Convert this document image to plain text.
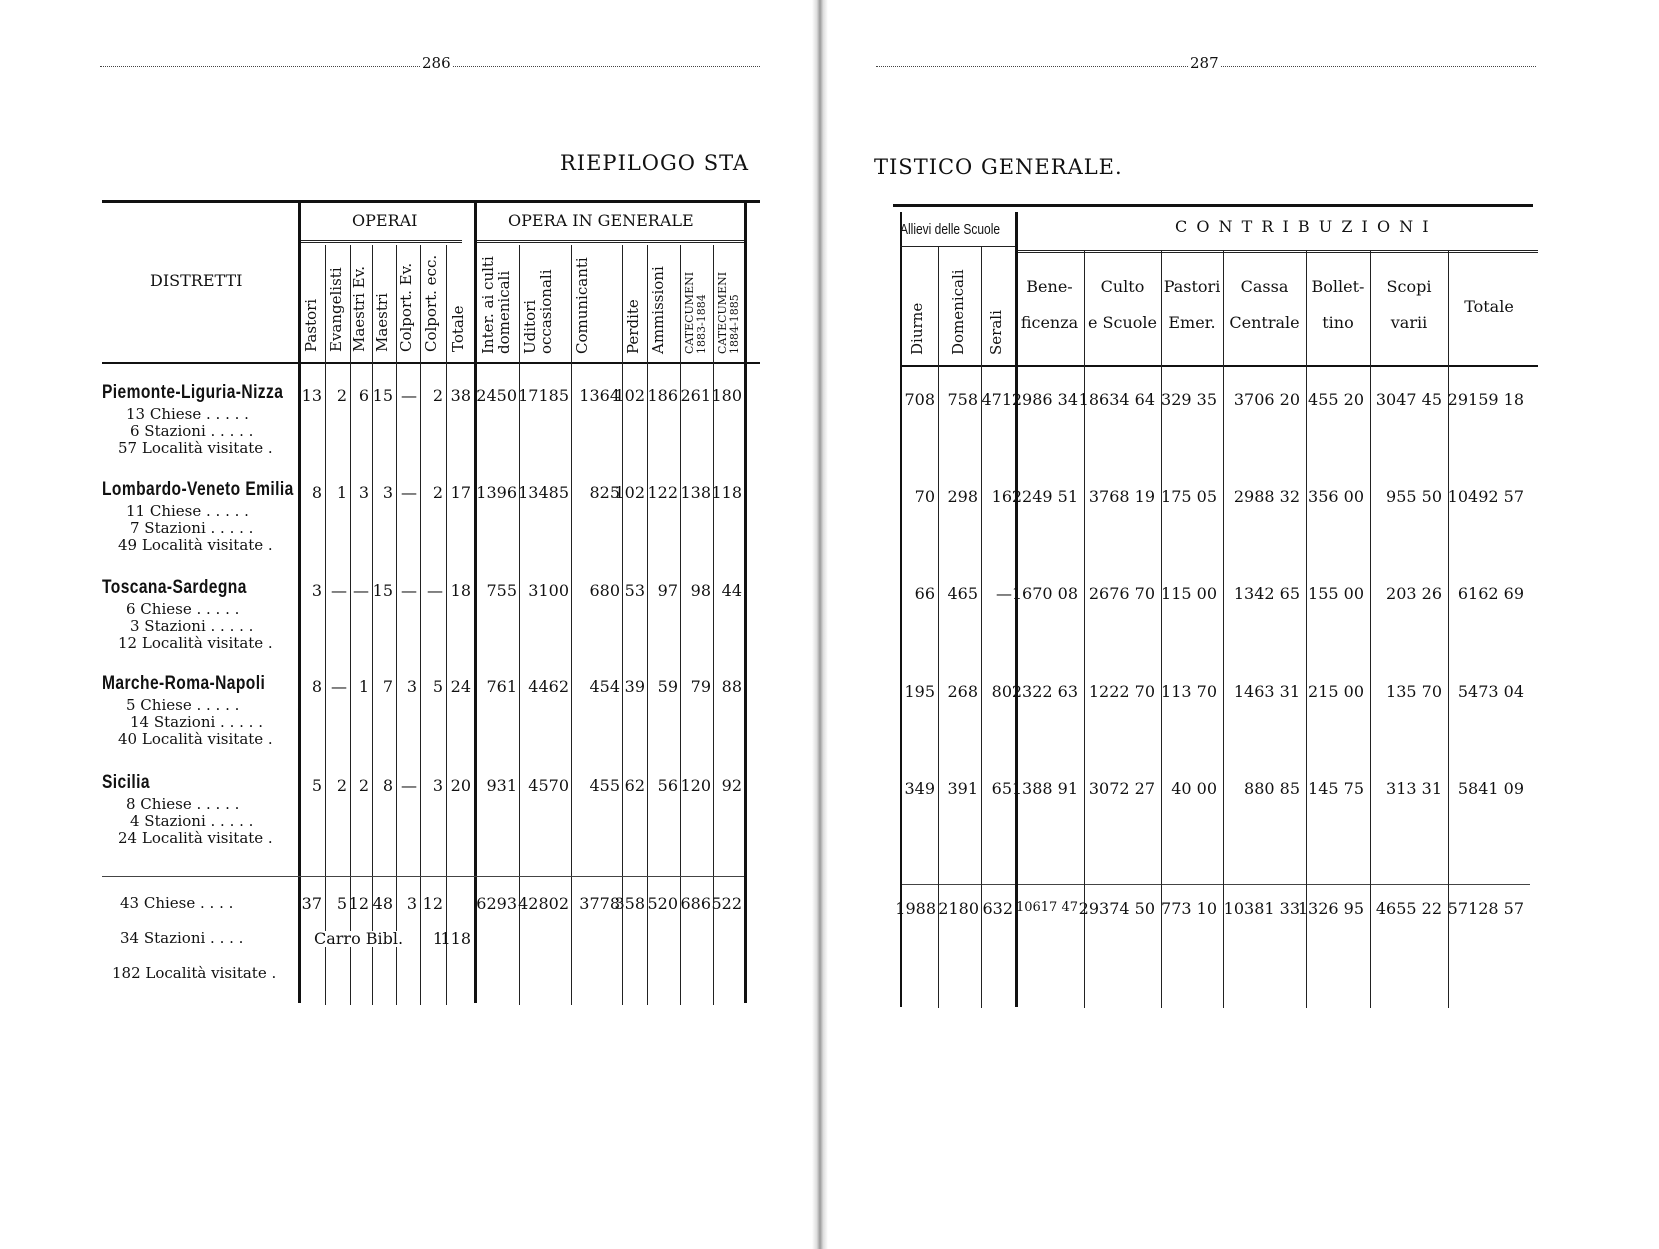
286
RIEPILOGO STA
287
TISTICO GENERALE.
DISTRETTI
OPERAI	OPERA IN GENERALE
Pastori Evangelisti Maestri Ev. Maestri Colport. Ev. Colport. ecc. Totale Inter. ai culti domenicali Uditori occasionali Comunicanti Perdite Ammissioni CATECUMENI 1883-1884 CATECUMENI 1884-1885
Piemonte-Liguria-Nizza
13 Chiese . . . . .
6 Stazioni . . . . .
57 Località visitate .
13 2 6 15 — 2 38 2450 17185 1364
102 186 261 180
Lombardo-Veneto Emilia
11 Chiese . . . . .
7 Stazioni . . . . .
49 Località visitate .
8 1 3 3 — 2 17 1396 13485 825
102 122 138 118
Toscana-Sardegna
6 Chiese . . . . .
3 Stazioni . . . . .
12 Località visitate .
3 — — 15 — — 18 755 3100 680 53 97 98 44
Marche-Roma-Napoli
5 Chiese . . . . .
14 Stazioni . . . . .
40 Località visitate .
8 — 1 7 3 5 24 761 4462 454 39 59 79 88
Sicilia
8 Chiese . . . . .
4 Stazioni . . . . .
24 Località visitate .
5 2 2 8 — 3 20 931 4570 455 62 56 120 92
43 Chiese . . . .
34 Stazioni . . . .
182 Località visitate .
37 5 12 48 3 12
Carro Bibl. 1
118
6293 42802 3778
358 520 686 522
Allievi delle Scuole	C O N T R I B U Z I O N I
Diurne Domenicali Serali
Bene-
ficenza
Culto
e Scuole
Pastori
Emer.
Cassa
Centrale
Bollet-
tino
Scopi
varii
Totale
708 758 471 2986 34 18634 64 329 35 3706 20 455 20 3047 45 29159 18
70 298 16 2249 51 3768 19 175 05 2988 32 356 00 955 50 10492 57
66 465 — 1670 08 2676 70 115 00 1342 65 155 00 203 26 6162 69
195 268 80 2322 63 1222 70 113 70 1463 31 215 00 135 70 5473 04
349 391 65 1388 91 3072 27 40 00 880 85 145 75 313 31 5841 09
1988 2180 632 10617 47 29374 50 773 10 10381 33
1326 95 4655 22 57128 57
